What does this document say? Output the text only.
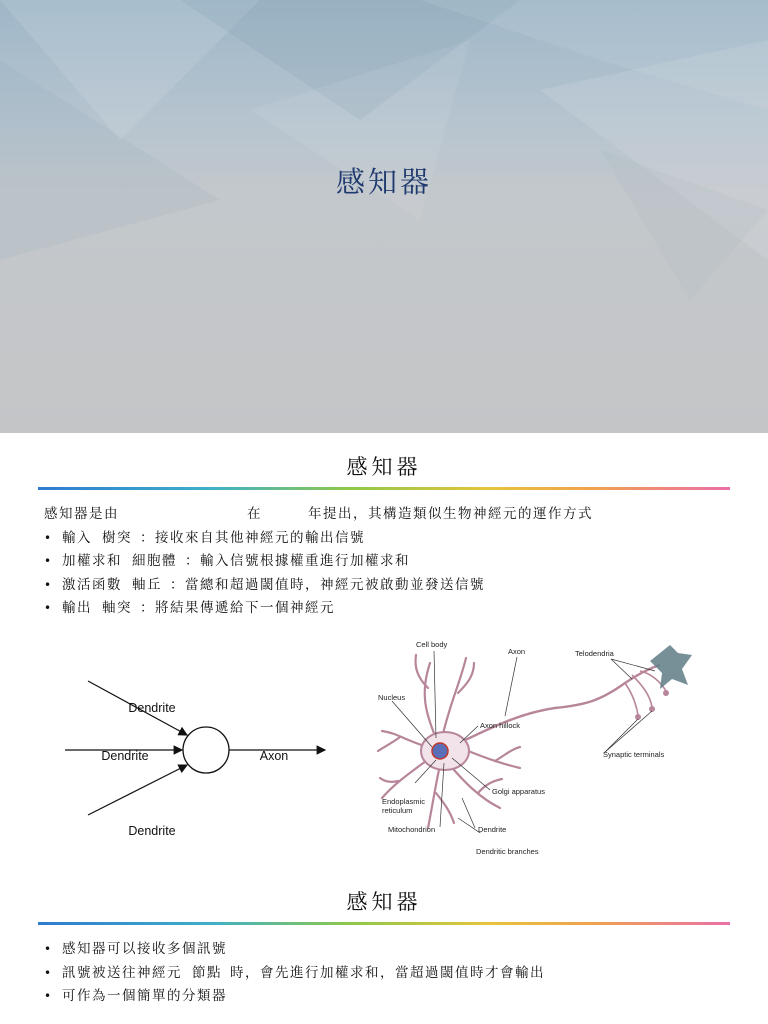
感知器
感知器
感知器是由	在	年提出，其構造類似生物神經元的運作方式
• 輸入 樹突 ：接收來自其他神經元的輸出信號
• 加權求和 細胞體 ：輸入信號根據權重進行加權求和
• 激活函數 軸丘 ：當總和超過閾值時，神經元被啟動並發送信號
• 輸出 軸突 ：將結果傳遞給下一個神經元
Dendrite
Dendrite
Dendrite
Axon
Cell body
Axon	Telodendria
Nucleus
Axon hillock
Synaptic terminals
Golgi apparatus
Endoplasmic
reticulum
Mitochondrion	Dendrite
Dendritic branches
感知器
• 感知器可以接收多個訊號
• 訊號被送往神經元 節點 時，會先進行加權求和，當超過閾值時才會輸出
• 可作為一個簡單的分類器
